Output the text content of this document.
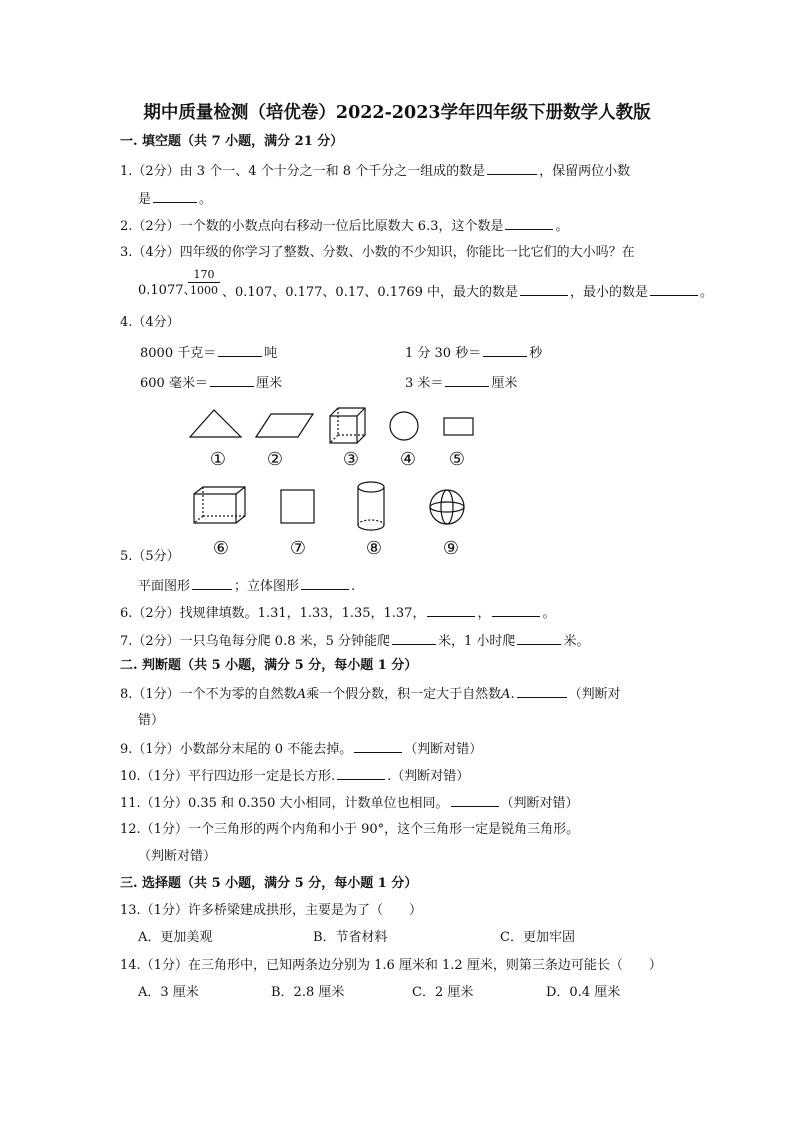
期中质量检测（培优卷）2022-2023学年四年级下册数学人教版
一. 填空题（共 7 小题，满分 21 分）
1.（2分）由 3 个一、4 个十分之一和 8 个千分之一组成的数是	，保留两位小数
是	。
2.（2分）一个数的小数点向右移动一位后比原数大 6.3，这个数是	。
3.（4分）四年级的你学习了整数、分数、小数的不少知识，你能比一比它们的大小吗？在
0.1077、
170
1000 、0.107、0.177、0.17、0.1769 中，最大的数是	，最小的数是	。
4.（4分）
8000 千克＝	吨	1 分 30 秒＝	秒
600 毫米＝	厘米	3 米＝	厘米
①	②	③	④	⑤
⑥	⑦	⑧	⑨
5.（5分）
平面图形	；立体图形	.
6.（2分）找规律填数。1.31，1.33，1.35，1.37，	，	。
7.（2分）一只乌龟每分爬 0.8 米，5 分钟能爬	米，1 小时爬	米。
二. 判断题（共 5 小题，满分 5 分，每小题 1 分）
8.（1分）一个不为零的自然数A乘一个假分数，积一定大于自然数A.	（判断对
错）
9.（1分）小数部分末尾的 0 不能去掉。	（判断对错）
10.（1分）平行四边形一定是长方形.	.（判断对错）
11.（1分）0.35 和 0.350 大小相同，计数单位也相同。	（判断对错）
12.（1分）一个三角形的两个内角和小于 90°，这个三角形一定是锐角三角形。
（判断对错）
三. 选择题（共 5 小题，满分 5 分，每小题 1 分）
13.（1分）许多桥梁建成拱形，主要是为了（　　）
A．更加美观	B．节省材料	C．更加牢固
14.（1分）在三角形中，已知两条边分别为 1.6 厘米和 1.2 厘米，则第三条边可能长（　　）
A．3 厘米	B．2.8 厘米	C．2 厘米	D．0.4 厘米
